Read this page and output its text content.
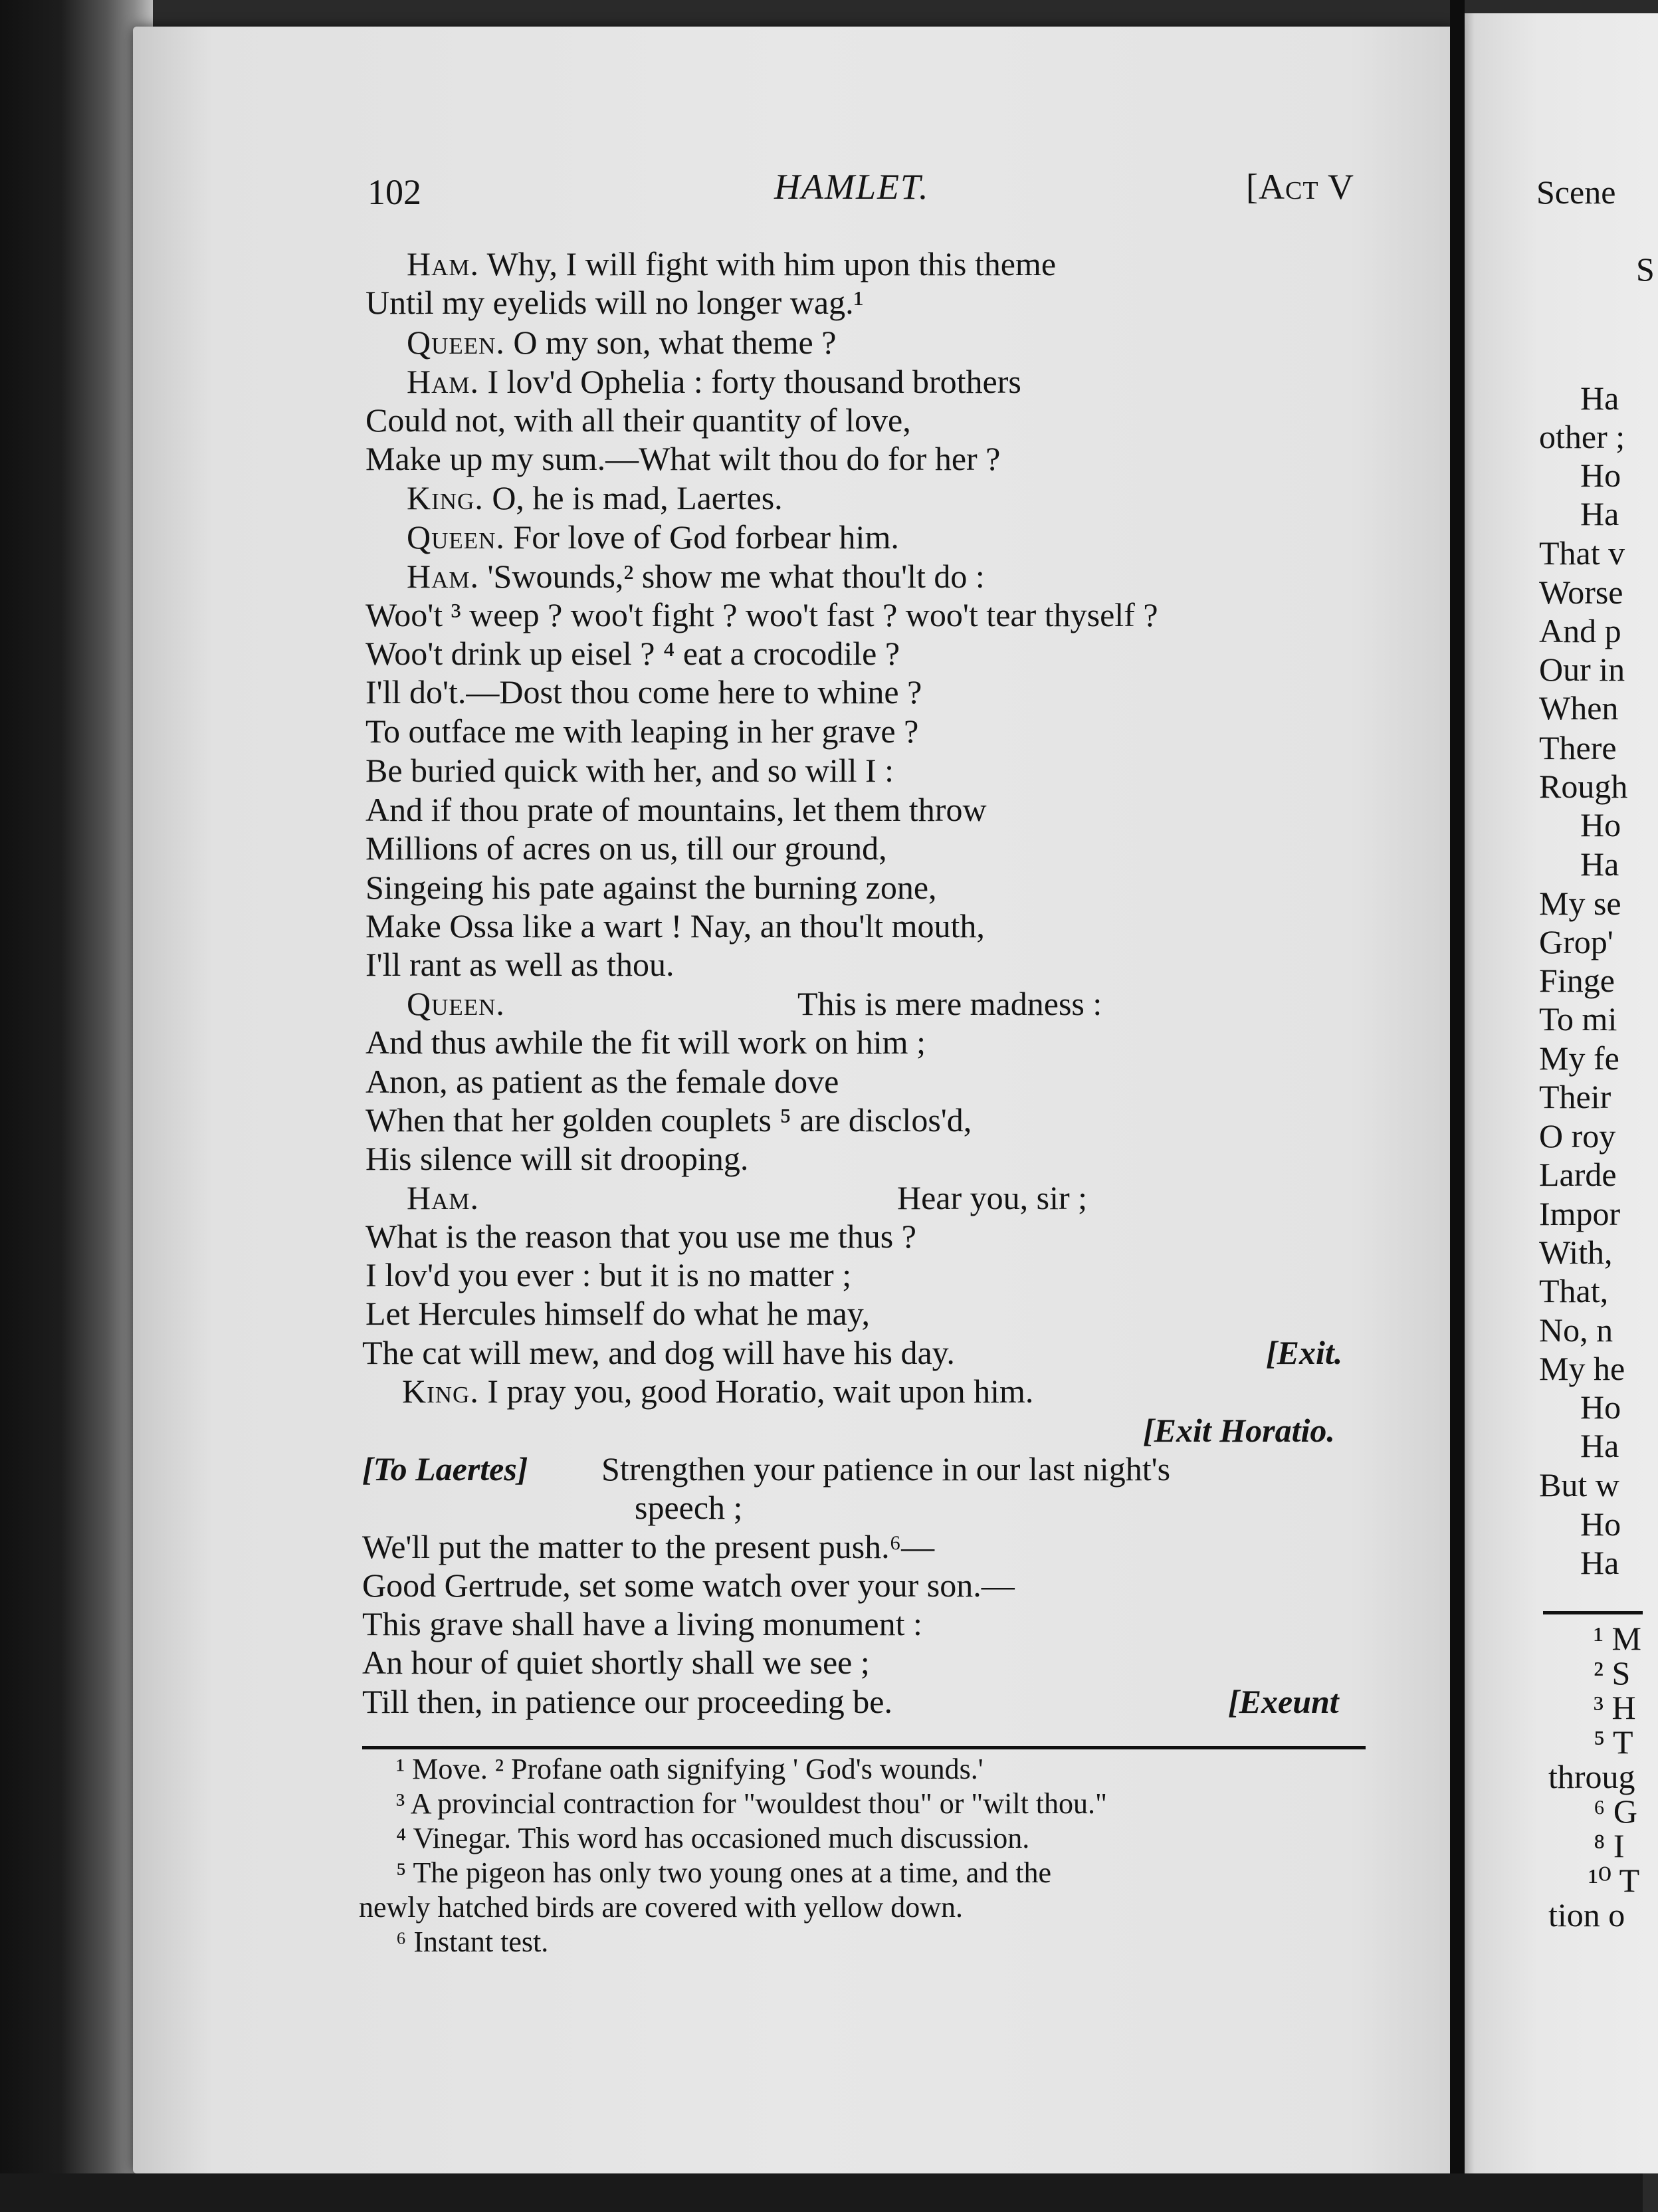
102	HAMLET.	[Act V
Ham. Why, I will fight with him upon this theme
Until my eyelids will no longer wag.¹
Queen. O my son, what theme ?
Ham. I lov'd Ophelia : forty thousand brothers
Could not, with all their quantity of love,
Make up my sum.—What wilt thou do for her ?
King. O, he is mad, Laertes.
Queen. For love of God forbear him.
Ham. 'Swounds,² show me what thou'lt do :
Woo't ³ weep ? woo't fight ? woo't fast ? woo't tear thyself ?
Woo't drink up eisel ? ⁴ eat a crocodile ?
I'll do't.—Dost thou come here to whine ?
To outface me with leaping in her grave ?
Be buried quick with her, and so will I :
And if thou prate of mountains, let them throw
Millions of acres on us, till our ground,
Singeing his pate against the burning zone,
Make Ossa like a wart ! Nay, an thou'lt mouth,
I'll rant as well as thou.
Queen.	This is mere madness :
And thus awhile the fit will work on him ;
Anon, as patient as the female dove
When that her golden couplets ⁵ are disclos'd,
His silence will sit drooping.
Ham.	Hear you, sir ;
What is the reason that you use me thus ?
I lov'd you ever : but it is no matter ;
Let Hercules himself do what he may,
The cat will mew, and dog will have his day.
King. I pray you, good Horatio, wait upon him.
Strengthen your patience in our last night's
speech ;
We'll put the matter to the present push.⁶—
Good Gertrude, set some watch over your son.—
This grave shall have a living monument :
An hour of quiet shortly shall we see ;
Till then, in patience our proceeding be.
[Exit.
[Exit Horatio.
[To Laertes]
[Exeunt
¹ Move. ² Profane oath signifying ' God's wounds.'
³ A provincial contraction for "wouldest thou" or "wilt thou."
⁴ Vinegar. This word has occasioned much discussion.
⁵ The pigeon has only two young ones at a time, and the
newly hatched birds are covered with yellow down.
⁶ Instant test.
Scene
S
Ha
other ;
Ho
Ha
That v
Worse
And p
Our in
When
There
Rough
Ho
Ha
My se
Grop'
Finge
To mi
My fe
Their
O roy
Larde
Impor
With,
That,
No, n
My he
Ho
Ha
But w
Ho
Ha
¹ M
² S
³ H
⁵ T
throug
⁶ G
⁸ I
¹⁰ T
tion o
